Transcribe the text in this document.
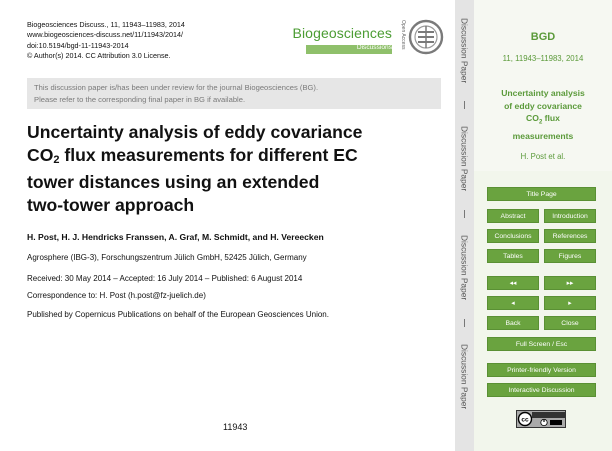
Biogeosciences Discuss., 11, 11943–11983, 2014
www.biogeosciences-discuss.net/11/11943/2014/
doi:10.5194/bgd-11-11943-2014
© Author(s) 2014. CC Attribution 3.0 License.
Biogeosciences
Discussions Open Access
This discussion paper is/has been under review for the journal Biogeosciences (BG).
Please refer to the corresponding final paper in BG if available.
Uncertainty analysis of eddy covariance
$CO_2$ flux measurements for different EC
tower distances using an extended
two-tower approach
H. Post, H. J. Hendricks Franssen, A. Graf, M. Schmidt, and H. Vereecken
Agrosphere (IBG-3), Forschungszentrum Jülich GmbH, 52425 Jülich, Germany
Received: 30 May 2014 – Accepted: 16 July 2014 – Published: 6 August 2014
Correspondence to: H. Post (h.post@fz-juelich.de)
Published by Copernicus Publications on behalf of the European Geosciences Union.
11943
Discussion Paper
Discussion Paper
Discussion Paper
Discussion Paper
BGD
11, 11943–11983, 2014
Uncertainty analysis
of eddy covariance
$CO_2$ flux
measurements
H. Post et al.
Title Page
Abstract	Introduction
Conclusions	References
Tables	Figures
◂◂	▸▸
◂	▸
Back	Close
Full Screen / Esc
Printer-friendly Version
Interactive Discussion
cc
